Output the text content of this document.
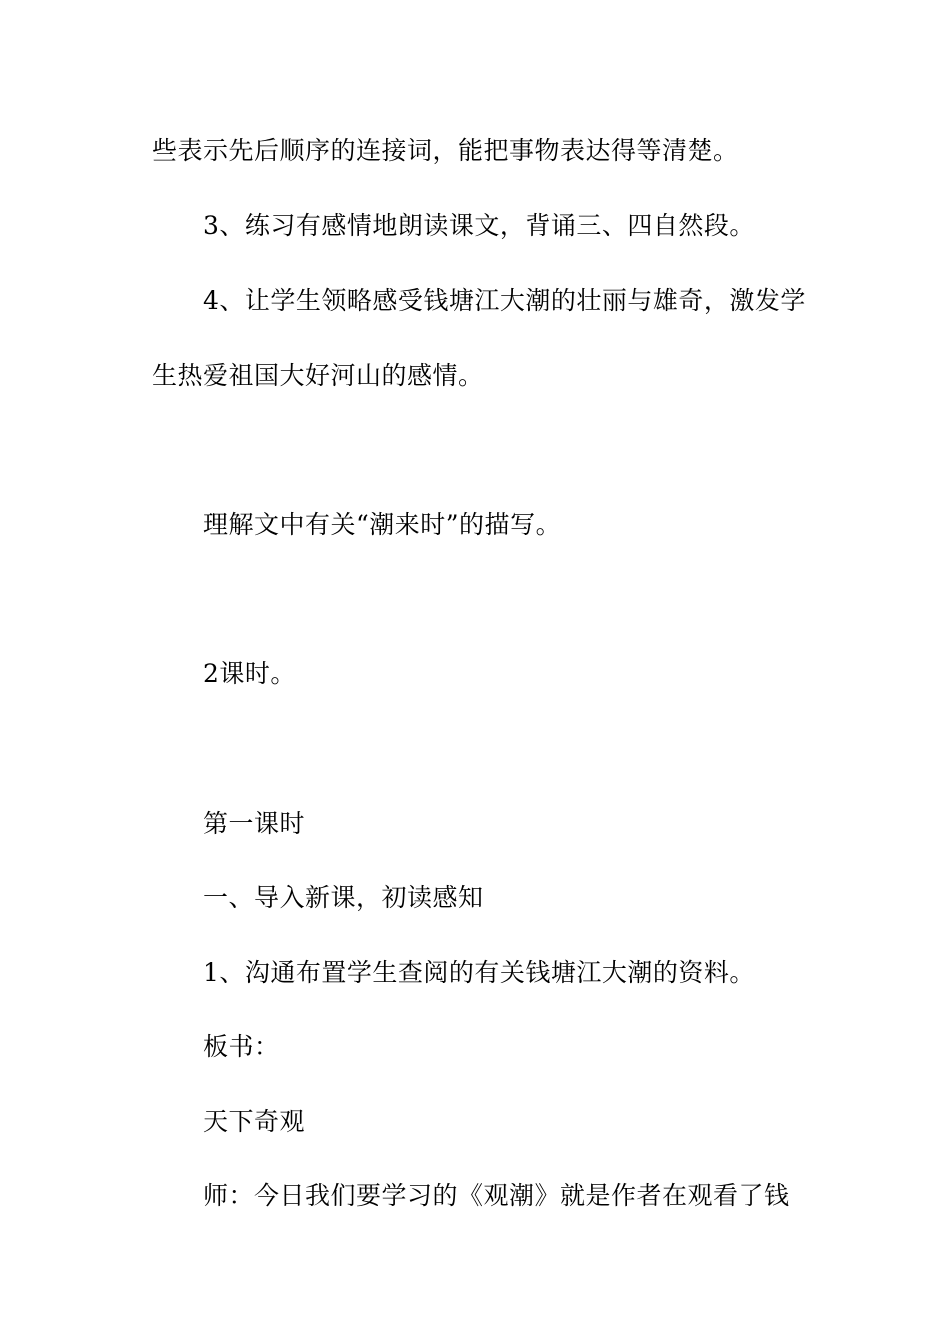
些表示先后顺序的连接词，能把事物表达得等清楚。
3、练习有感情地朗读课文，背诵三、四自然段。
4、让学生领略感受钱塘江大潮的壮丽与雄奇，激发学
生热爱祖国大好河山的感情。
理解文中有关“潮来时”的描写。
2课时。
第一课时
一、导入新课，初读感知
1、沟通布置学生查阅的有关钱塘江大潮的资料。
板书：
天下奇观
师：今日我们要学习的《观潮》就是作者在观看了钱
